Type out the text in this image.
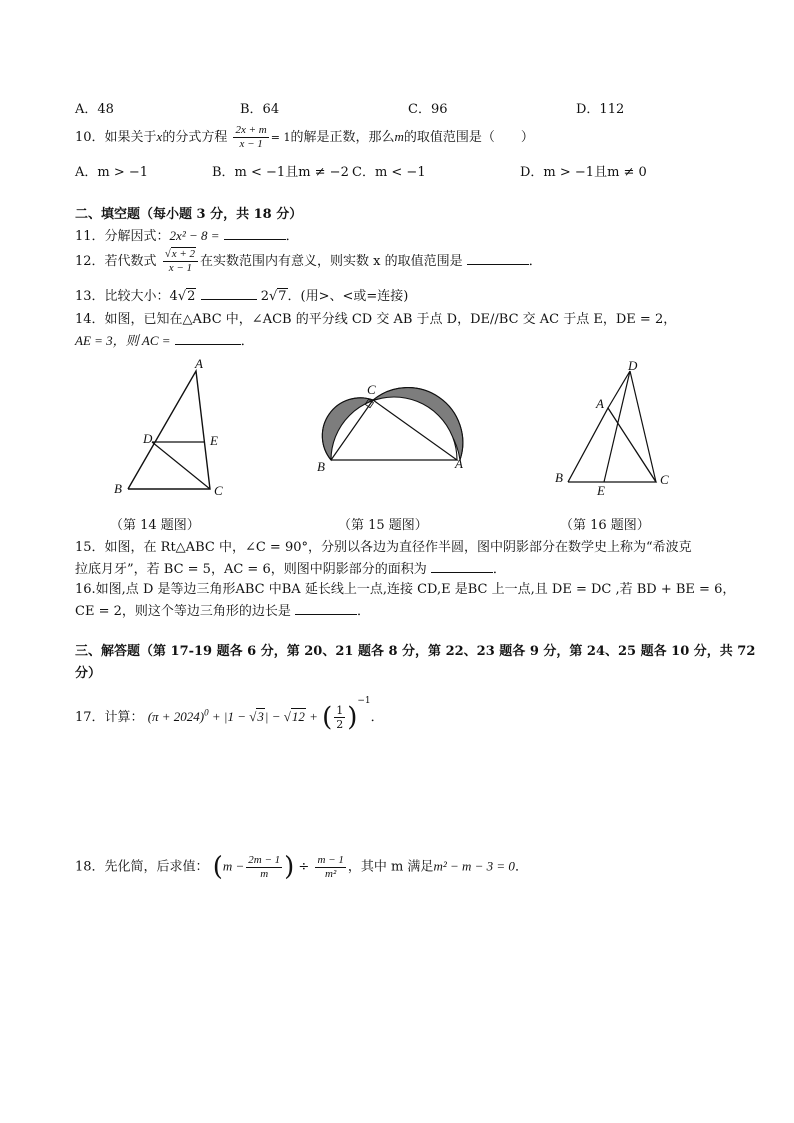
A．48	B．64	C．96	D．112
10．如果关于x的分式方程 $\frac{2x + m}{x - 1} = 1$的解是正数，那么m的取值范围是（　　）
A．m > −1	B．m < −1且m ≠ −2 C．m < −1	D．m > −1且m ≠ 0
二、填空题（每小题 3 分，共 18 分）
11．分解因式：2x² − 8 =	．
12．若代数式 $\frac{√x + 2}{x - 1}$ 在实数范围内有意义，则实数 x 的取值范围是	．
13．比较大小：4√2	2√7．(用>、<或=连接)
14．如图，已知在△ABC 中，∠ACB 的平分线 CD 交 AB 于点 D，DE//BC 交 AC 于点 E，DE = 2，
AE = 3，则 AC =	．
A
D	E
B	C
C
B	A
D
A
B
E
C
（第 14 题图）	（第 15 题图）	（第 16 题图）
15．如图，在 Rt△ABC 中，∠C = 90°，分别以各边为直径作半圆，图中阴影部分在数学史上称为“希波克
拉底月牙”，若 BC = 5，AC = 6，则图中阴影部分的面积为	．
16.如图,点 D 是等边三角形ABC 中BA 延长线上一点,连接 CD,E 是BC 上一点,且 DE = DC ,若 BD + BE = 6，
CE = 2，则这个等边三角形的边长是	．
三、解答题（第 17-19 题各 6 分，第 20、21 题各 8 分，第 22、23 题各 9 分，第 24、25 题各 10 分，共 72
分）
17．计算： $(\pi + 2024)^0 + |1 - √3| - √12$ + ( $\frac{1}{2} )^{-1}$．
18．先化简，后求值： ($m - \frac{2m - 1}{m}$ ) ÷ $\frac{m - 1}{\text{m²}}$ ，其中 m 满足m² − m − 3 = 0．
